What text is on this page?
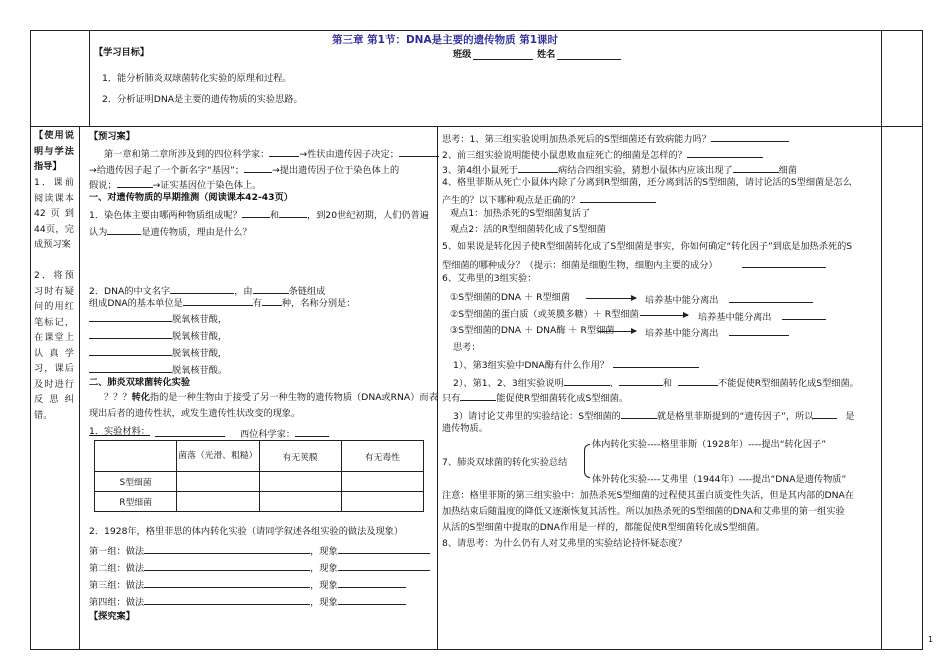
第三章 第1节：DNA是主要的遗传物质 第1课时
【学习目标】	班级	姓名
1．能分析肺炎双球菌转化实验的原理和过程。
2．分析证明DNA是主要的遗传物质的实验思路。
【使用说明与学法指导】
1．课前阅读课本42页到44页，完成预习案
2．将预习时有疑问的用红笔标记，在课堂上认真学习，课后及时进行反思纠错。
【预习案】
第一章和第二章所涉及到的四位科学家：	→性状由遗传因子决定；
→给遗传因子起了一个新名字“基因”；	→提出遗传因子位于染色体上的
假说；	→证实基因位于染色体上。
一、对遗传物质的早期推测（阅读课本42-43页）
1．染色体主要由哪两种物质组成呢？	和	，到20世纪初期，人们仍普遍
认为	是遗传物质，理由是什么？
2．DNA的中文名字	，由	条链组成
组成DNA的基本单位是	有 种，名称分别是：
脱氧核苷酸，
脱氧核苷酸，
脱氧核苷酸，
脱氧核苷酸。
二、肺炎双球菌转化实验
？？？转化指的是一种生物由于接受了另一种生物的遗传物质（DNA或RNA）而表
现出后者的遗传性状，或发生遗传性状改变的现象。
1．实验材料：	西位科学家：
	菌落（光滑、粗糙）	有无荚膜	有无毒性
S型细菌			
R型细菌			
2．1928年，格里菲思的体内转化实验（请同学叙述各组实验的做法及现象）
第一组：做法	，现象
第二组：做法	，现象
第三组：做法	，现象
第四组：做法	，现象
【探究案】
思考：1、第三组实验说明加热杀死后的S型细菌还有致病能力吗？
2、前三组实验说明能使小鼠患败血症死亡的细菌是怎样的？
3、第4组小鼠死于	病结合四组实验，猜想小鼠体内应该出现了	细菌
4、格里菲斯从死亡小鼠体内除了分离到R型细菌，还分离到活的S型细菌，请讨论活的S型细菌是怎么
产生的？以下哪种观点是正确的？
观点1：加热杀死的S型细菌复活了
观点2：活的R型细菌转化成了S型细菌
5、如果说是转化因子使R型细菌转化成了S型细菌是事实，你如何确定“转化因子”到底是加热杀死的S
型细菌的哪种成分？（提示：细菌是细胞生物，细胞内主要的成分）
6、艾弗里的3组实验：
①S型细菌的DNA ＋ R型细菌	培养基中能分离出
②S型细菌的蛋白质（或荚膜多糖）＋ R型细菌	培养基中能分离出
③S型细菌的DNA ＋ DNA酶 ＋ R型细菌	培养基中能分离出
思考：
1）、第3组实验中DNA酶有什么作用？
2）、第1、2、3组实验说明	、	和	不能促使R型细菌转化成S型细菌。
只有	能促使R型细菌转化成S型细菌。
3）请讨论艾弗里的实验结论：S型细菌的	就是格里菲斯提到的“遗传因子”，所以	是
遗传物质。
体内转化实验----格里菲斯（1928年）----提出“转化因子”
7、肺炎双球菌的转化实验总结
体外转化实验----艾弗里（1944年）----提出“DNA是遗传物质”
注意：格里菲斯的第三组实验中：加热杀死S型细菌的过程使其蛋白质变性失活，但是其内部的DNA在
加热结束后随温度的降低又逐渐恢复其活性。所以加热杀死的S型细菌的DNA和艾弗里的第一组实验
从活的S型细菌中提取的DNA作用是一样的，都能促使R型细菌转化成S型细菌。
8、请思考：为什么仍有人对艾弗里的实验结论持怀疑态度？
1
